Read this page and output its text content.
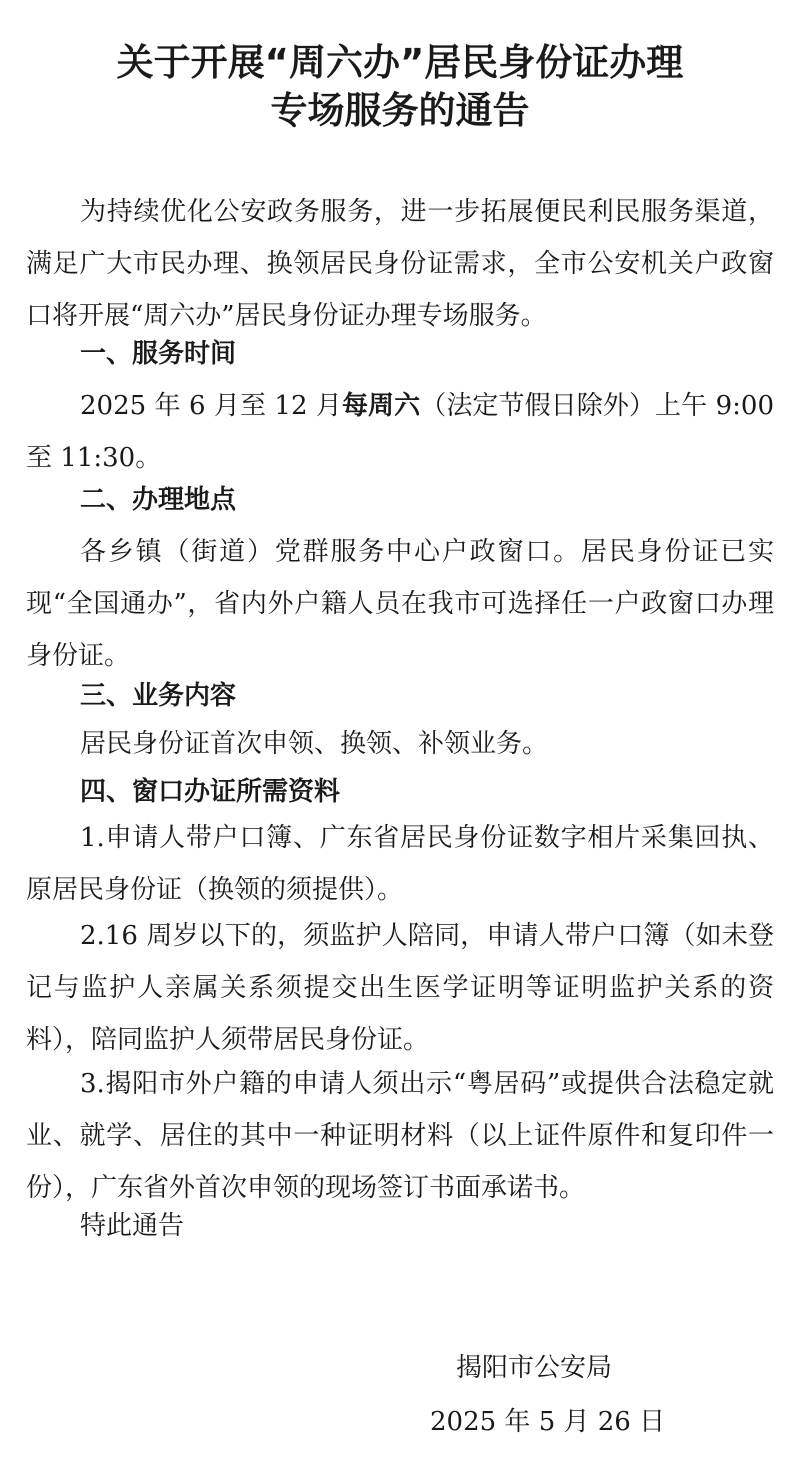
关于开展“周六办”居民身份证办理
专场服务的通告

为持续优化公安政务服务，进一步拓展便民利民服务渠道，满足广大市民办理、换领居民身份证需求，全市公安机关户政窗口将开展“周六办”居民身份证办理专场服务。

一、服务时间

2025 年 6 月至 12 月每周六（法定节假日除外）上午 9:00 至 11:30。

二、办理地点

各乡镇（街道）党群服务中心户政窗口。居民身份证已实现“全国通办”，省内外户籍人员在我市可选择任一户政窗口办理身份证。

三、业务内容

居民身份证首次申领、换领、补领业务。

四、窗口办证所需资料

1.申请人带户口簿、广东省居民身份证数字相片采集回执、原居民身份证（换领的须提供）。

2.16 周岁以下的，须监护人陪同，申请人带户口簿（如未登记与监护人亲属关系须提交出生医学证明等证明监护关系的资料），陪同监护人须带居民身份证。

3.揭阳市外户籍的申请人须出示“粤居码”或提供合法稳定就业、就学、居住的其中一种证明材料（以上证件原件和复印件一份），广东省外首次申领的现场签订书面承诺书。

特此通告

揭阳市公安局

2025 年 5 月 26 日
